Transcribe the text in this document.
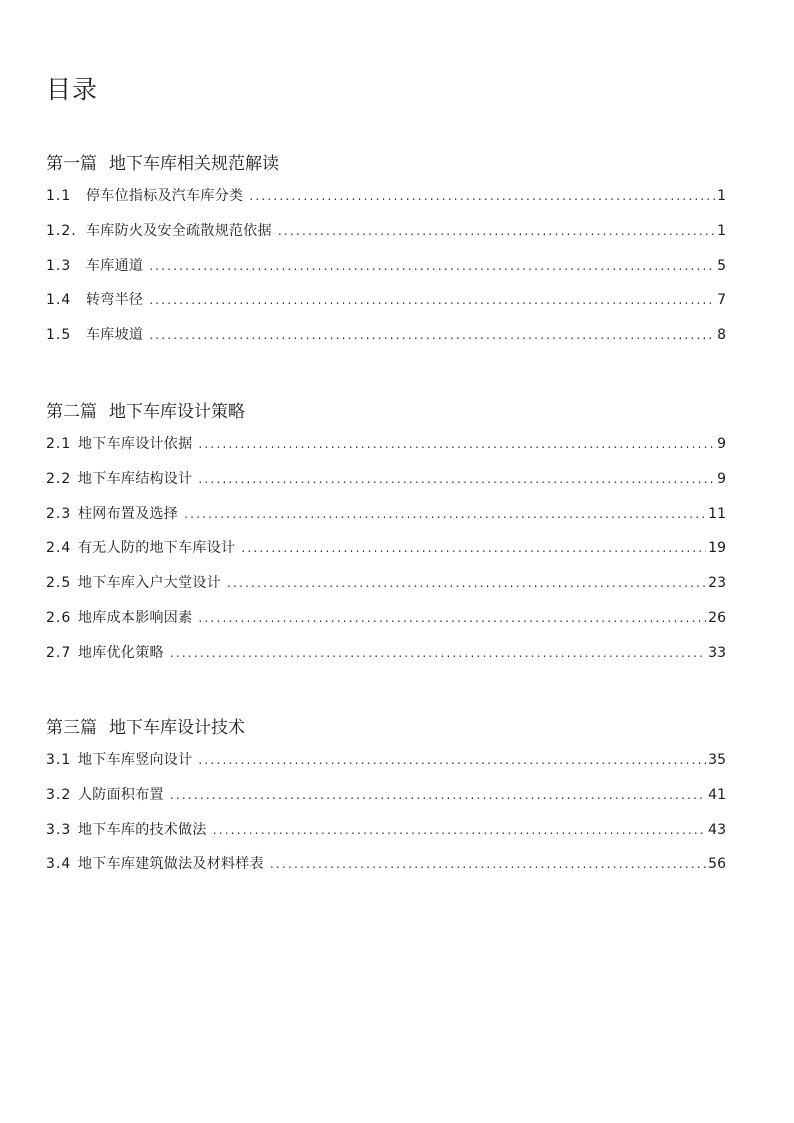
目录
第一篇 地下车库相关规范解读
1.1	停车位指标及汽车库分类 .....	1
1.2. 车库防火及安全疏散规范依据 .....	1
1.3	车库通道 .....	5
1.4	转弯半径 .....	7
1.5	车库坡道 .....	8
第二篇 地下车库设计策略
2.1 地下车库设计依据 .....	9
2.2 地下车库结构设计 .....	9
2.3 柱网布置及选择 .....	11
2.4 有无人防的地下车库设计 .....	19
2.5 地下车库入户大堂设计 .....	23
2.6 地库成本影响因素 .....	26
2.7 地库优化策略 .....	33
第三篇 地下车库设计技术
3.1 地下车库竖向设计 .....	35
3.2 人防面积布置 .....	41
3.3 地下车库的技术做法 .....	43
3.4 地下车库建筑做法及材料样表 .....	56
